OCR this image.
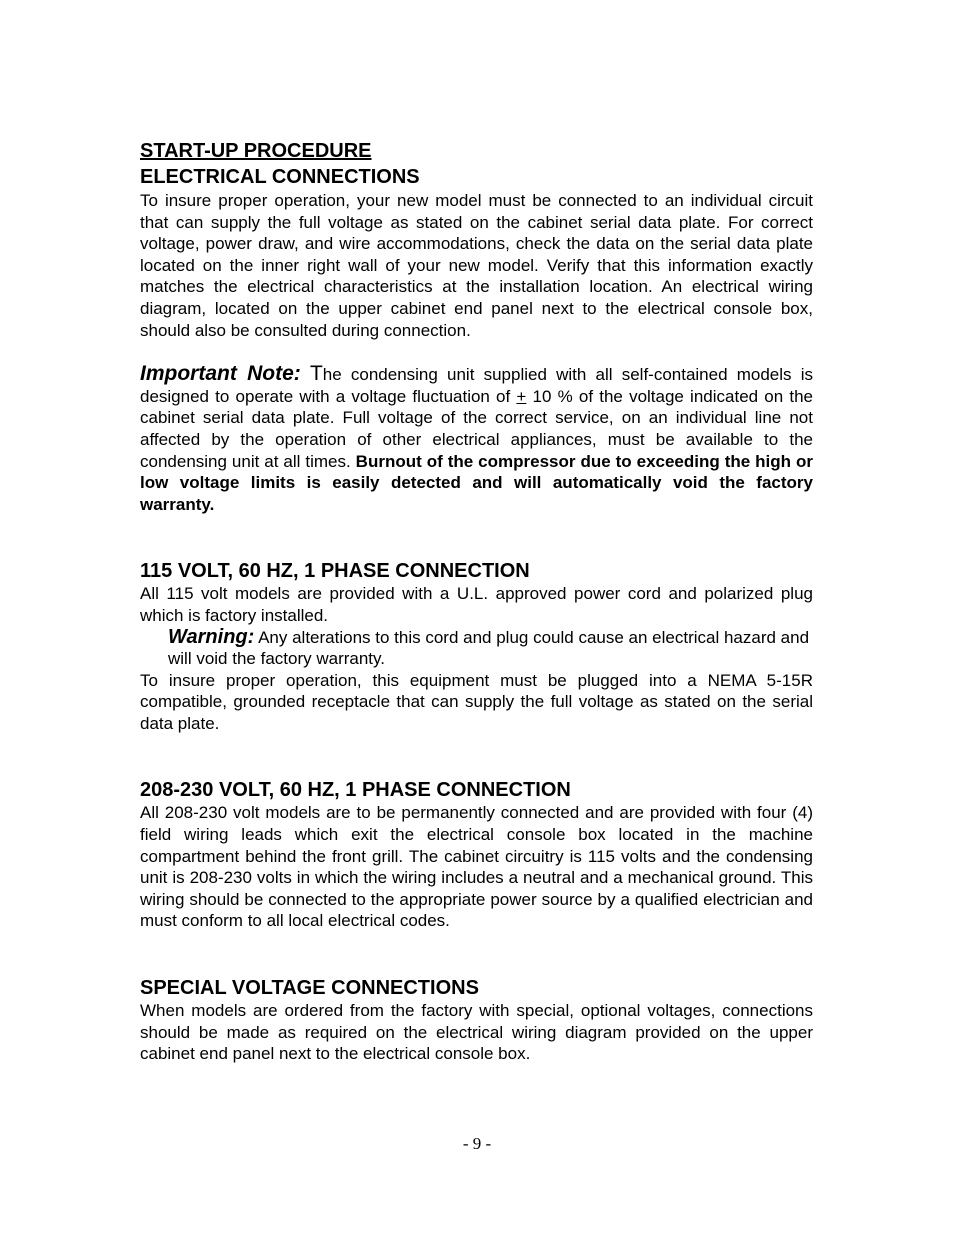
START-UP PROCEDURE
ELECTRICAL CONNECTIONS

To insure proper operation, your new model must be connected to an individual circuit that can supply the full voltage as stated on the cabinet serial data plate. For correct voltage, power draw, and wire accommodations, check the data on the serial data plate located on the inner right wall of your new model. Verify that this information exactly matches the electrical characteristics at the installation location. An electrical wiring diagram, located on the upper cabinet end panel next to the electrical console box, should also be consulted during connection.

Important Note: The condensing unit supplied with all self-contained models is designed to operate with a voltage fluctuation of + 10 % of the voltage indicated on the cabinet serial data plate. Full voltage of the correct service, on an individual line not affected by the operation of other electrical appliances, must be available to the condensing unit at all times. Burnout of the compressor due to exceeding the high or low voltage limits is easily detected and will automatically void the factory warranty.

115 VOLT, 60 HZ, 1 PHASE CONNECTION

All 115 volt models are provided with a U.L. approved power cord and polarized plug which is factory installed.

Warning: Any alterations to this cord and plug could cause an electrical hazard and will void the factory warranty.

To insure proper operation, this equipment must be plugged into a NEMA 5-15R compatible, grounded receptacle that can supply the full voltage as stated on the serial data plate.

208-230 VOLT, 60 HZ, 1 PHASE CONNECTION

All 208-230 volt models are to be permanently connected and are provided with four (4) field wiring leads which exit the electrical console box located in the machine compartment behind the front grill. The cabinet circuitry is 115 volts and the condensing unit is 208-230 volts in which the wiring includes a neutral and a mechanical ground. This wiring should be connected to the appropriate power source by a qualified electrician and must conform to all local electrical codes.

SPECIAL VOLTAGE CONNECTIONS

When models are ordered from the factory with special, optional voltages, connections should be made as required on the electrical wiring diagram provided on the upper cabinet end panel next to the electrical console box.

- 9 -
